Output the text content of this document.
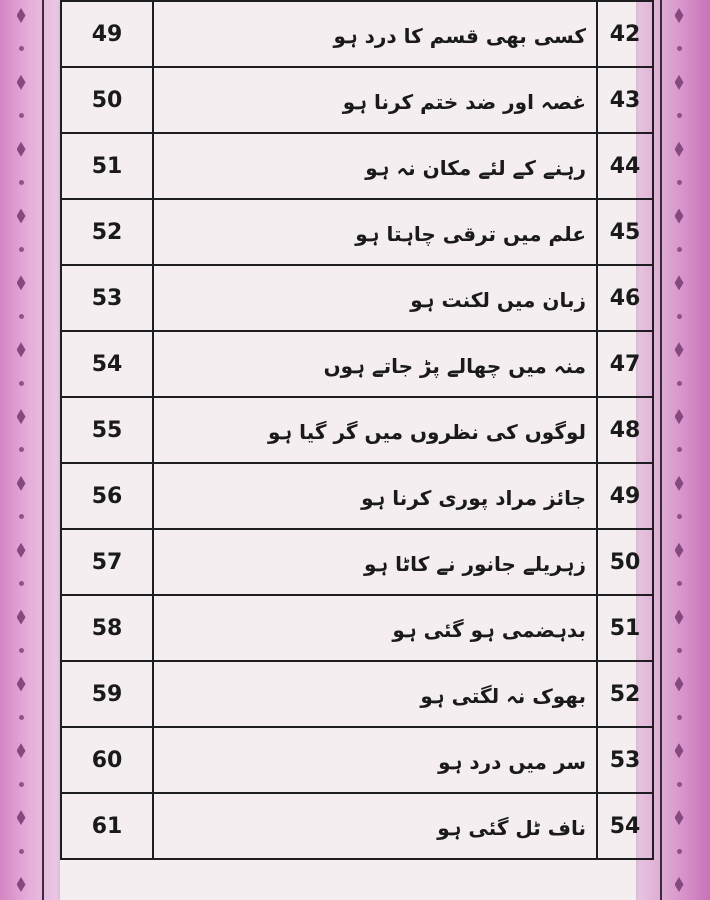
49	کسی بھی قسم کا درد ہو	42
50	غصہ اور ضد ختم کرنا ہو	43
51	رہنے کے لئے مکان نہ ہو	44
52	علم میں ترقی چاہتا ہو	45
53	زبان میں لکنت ہو	46
54	منہ میں چھالے پڑ جاتے ہوں	47
55	لوگوں کی نظروں میں گر گیا ہو	48
56	جائز مراد پوری کرنا ہو	49
57	زہریلے جانور نے کاٹا ہو	50
58	بدہضمی ہو گئی ہو	51
59	بھوک نہ لگتی ہو	52
60	سر میں درد ہو	53
61	ناف ٹل گئی ہو	54
